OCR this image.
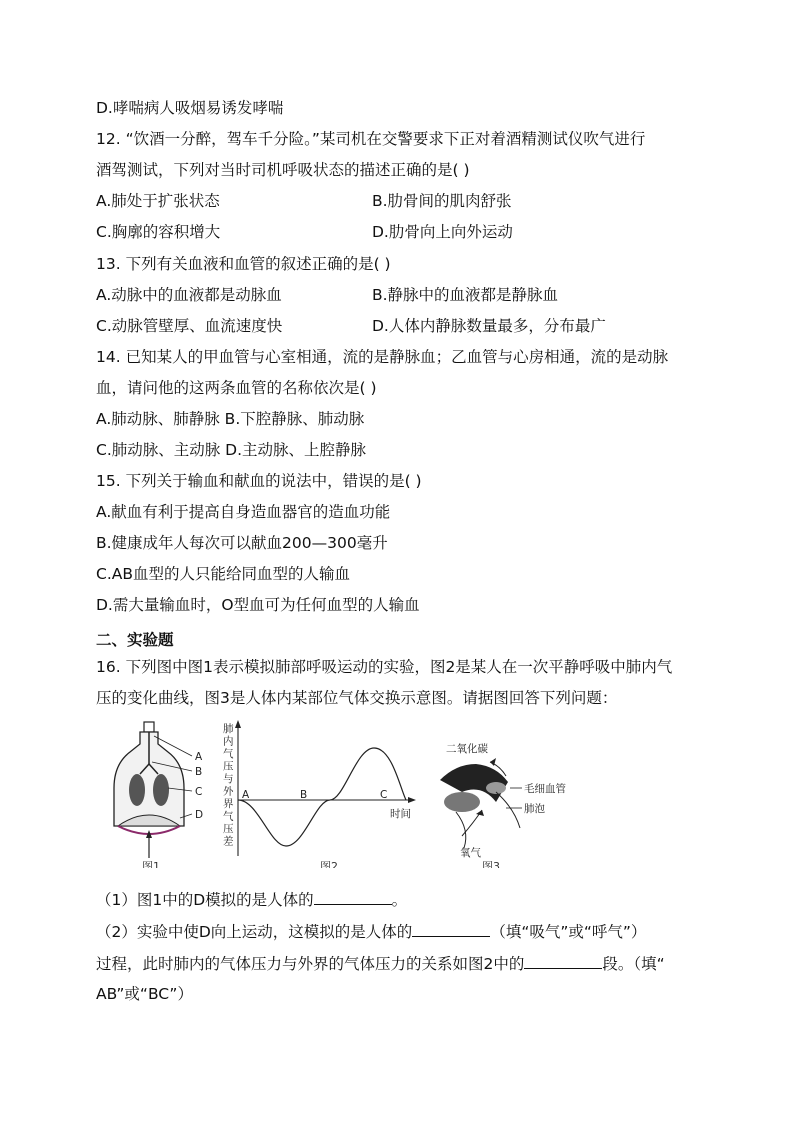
D.哮喘病人吸烟易诱发哮喘
12. “饮酒一分醉，驾车千分险。”某司机在交警要求下正对着酒精测试仪吹气进行
酒驾测试，下列对当时司机呼吸状态的描述正确的是( )
A.肺处于扩张状态	B.肋骨间的肌肉舒张
C.胸廓的容积增大	D.肋骨向上向外运动
13. 下列有关血液和血管的叙述正确的是( )
A.动脉中的血液都是动脉血	B.静脉中的血液都是静脉血
C.动脉管壁厚、血流速度快	D.人体内静脉数量最多，分布最广
14. 已知某人的甲血管与心室相通，流的是静脉血；乙血管与心房相通，流的是动脉
血，请问他的这两条血管的名称依次是( )
A.肺动脉、肺静脉 B.下腔静脉、肺动脉
C.肺动脉、主动脉 D.主动脉、上腔静脉
15. 下列关于输血和献血的说法中，错误的是( )
A.献血有利于提高自身造血器官的造血功能
B.健康成年人每次可以献血200—300毫升
C.AB血型的人只能给同血型的人输血
D.需大量输血时，O型血可为任何血型的人输血
二、实验题
16. 下列图中图1表示模拟肺部呼吸运动的实验，图2是某人在一次平静呼吸中肺内气
压的变化曲线，图3是人体内某部位气体交换示意图。请据图回答下列问题：
A
B
C
D
图1
A	B	C
时间
肺
内
气
压
与
外
界
气
压
差
图2
二氧化碳
毛细血管
肺泡
氧气
图3
（1）图1中的D模拟的是人体的	。
（2）实验中使D向上运动，这模拟的是人体的	（填“吸气”或“呼气”）
过程，此时肺内的气体压力与外界的气体压力的关系如图2中的	段。（填“
AB”或“BC”）
